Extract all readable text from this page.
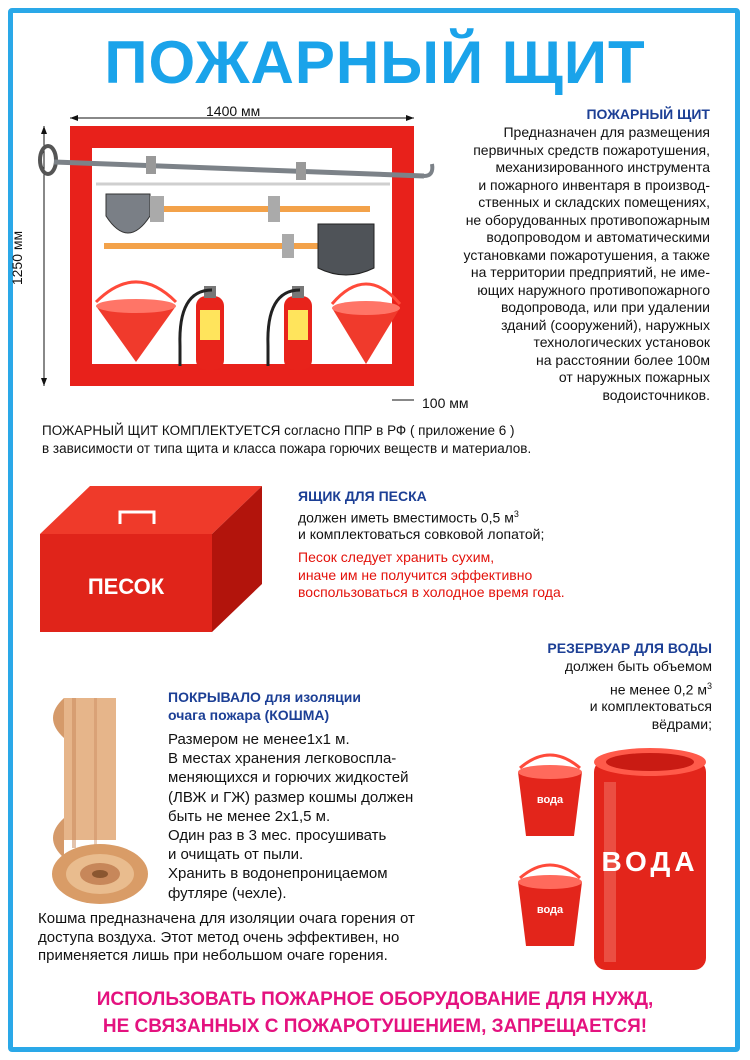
ПОЖАРНЫЙ ЩИТ
1400 мм
1250 мм
100 мм
ПОЖАРНЫЙ ЩИТ
Предназначен для размещения
первичных средств пожаротушения,
механизированного инструмента
и пожарного инвентаря в производ-
ственных и складских помещениях,
не оборудованных противопожарным
водопроводом и автоматическими
установками пожаротушения, а также
на территории предприятий, не име-
ющих наружного противопожарного
водопровода, или при удалении
зданий (сооружений), наружных
технологических установок
на расстоянии более 100м
от наружных пожарных
водоисточников.
ПОЖАРНЫЙ ЩИТ КОМПЛЕКТУЕТСЯ согласно ППР в РФ ( приложение 6 )
в зависимости от типа щита и класса пожара горючих веществ и материалов.
ПЕСОК
ЯЩИК ДЛЯ ПЕСКА
должен иметь вместимость 0,5 $м^3$
и комплектоваться совковой лопатой;
Песок следует хранить сухим,
иначе им не получится эффективно
воспользоваться в холодное время года.
РЕЗЕРВУАР ДЛЯ ВОДЫ
должен быть объемом
не менее 0,2 $м^3$
и комплектоваться
вёдрами;
ВОДА
вода
вода
ПОКРЫВАЛО для изоляции
очага пожара (КОШМА)
Размером не менее1х1 м.
В местах хранения легковоспла-
меняющихся и горючих жидкостей
(ЛВЖ и ГЖ) размер кошмы должен
быть не менее 2х1,5 м.
Один раз в 3 мес. просушивать
и очищать от пыли.
Хранить в водонепроницаемом
футляре (чехле).
Кошма предназначена для изоляции очага горения от
доступа воздуха. Этот метод очень эффективен, но
применяется лишь при небольшом очаге горения.
ИСПОЛЬЗОВАТЬ ПОЖАРНОЕ ОБОРУДОВАНИЕ ДЛЯ НУЖД,
НЕ СВЯЗАННЫХ С ПОЖАРОТУШЕНИЕМ, ЗАПРЕЩАЕТСЯ!
